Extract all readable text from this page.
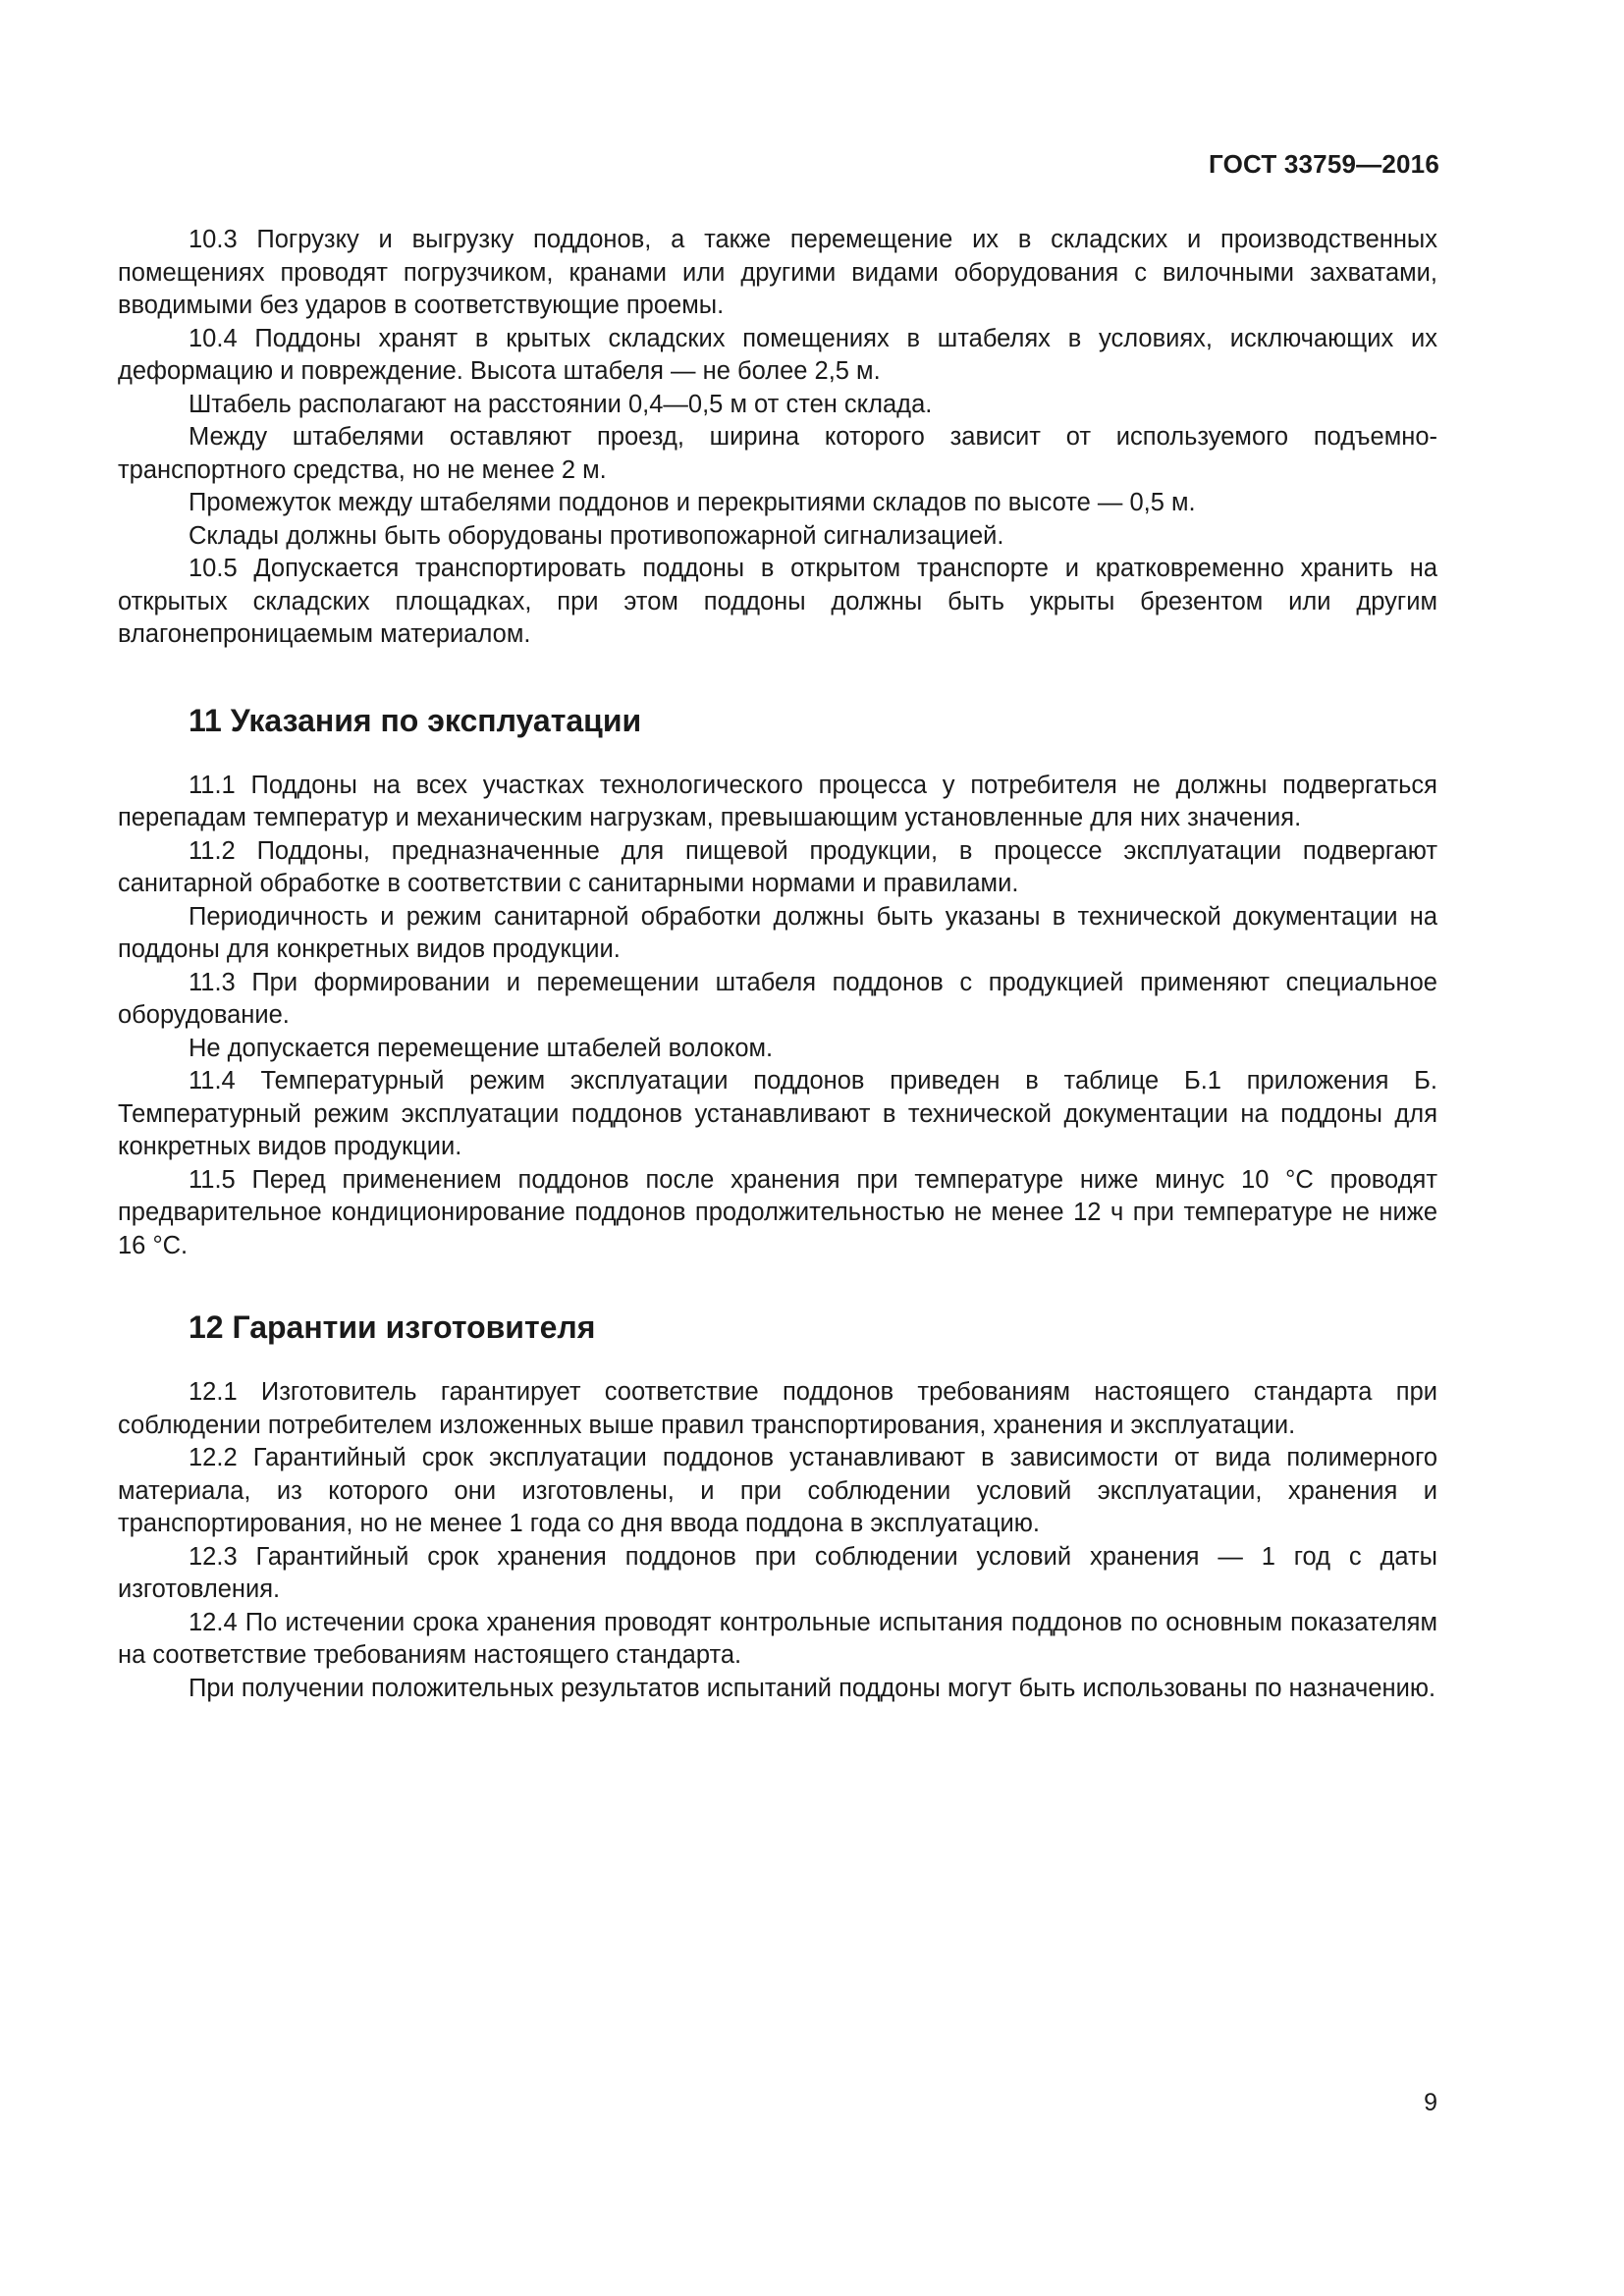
ГОСТ 33759—2016

10.3 Погрузку и выгрузку поддонов, а также перемещение их в складских и производственных помещениях проводят погрузчиком, кранами или другими видами оборудования с вилочными захватами, вводимыми без ударов в соответствующие проемы.

10.4 Поддоны хранят в крытых складских помещениях в штабелях в условиях, исключающих их деформацию и повреждение. Высота штабеля — не более 2,5 м.

Штабель располагают на расстоянии 0,4—0,5 м от стен склада.

Между штабелями оставляют проезд, ширина которого зависит от используемого подъемно-транспортного средства, но не менее 2 м.

Промежуток между штабелями поддонов и перекрытиями складов по высоте — 0,5 м.

Склады должны быть оборудованы противопожарной сигнализацией.

10.5 Допускается транспортировать поддоны в открытом транспорте и кратковременно хранить на открытых складских площадках, при этом поддоны должны быть укрыты брезентом или другим влагонепроницаемым материалом.

11 Указания по эксплуатации

11.1 Поддоны на всех участках технологического процесса у потребителя не должны подвергаться перепадам температур и механическим нагрузкам, превышающим установленные для них значения.

11.2 Поддоны, предназначенные для пищевой продукции, в процессе эксплуатации подвергают санитарной обработке в соответствии с санитарными нормами и правилами.

Периодичность и режим санитарной обработки должны быть указаны в технической документации на поддоны для конкретных видов продукции.

11.3 При формировании и перемещении штабеля поддонов с продукцией применяют специальное оборудование.

Не допускается перемещение штабелей волоком.

11.4 Температурный режим эксплуатации поддонов приведен в таблице Б.1 приложения Б. Температурный режим эксплуатации поддонов устанавливают в технической документации на поддоны для конкретных видов продукции.

11.5 Перед применением поддонов после хранения при температуре ниже минус 10 °С проводят предварительное кондиционирование поддонов продолжительностью не менее 12 ч при температуре не ниже 16 °С.

12 Гарантии изготовителя

12.1 Изготовитель гарантирует соответствие поддонов требованиям настоящего стандарта при соблюдении потребителем изложенных выше правил транспортирования, хранения и эксплуатации.

12.2 Гарантийный срок эксплуатации поддонов устанавливают в зависимости от вида полимерного материала, из которого они изготовлены, и при соблюдении условий эксплуатации, хранения и транспортирования, но не менее 1 года со дня ввода поддона в эксплуатацию.

12.3 Гарантийный срок хранения поддонов при соблюдении условий хранения — 1 год с даты изготовления.

12.4 По истечении срока хранения проводят контрольные испытания поддонов по основным показателям на соответствие требованиям настоящего стандарта.

При получении положительных результатов испытаний поддоны могут быть использованы по назначению.

9
